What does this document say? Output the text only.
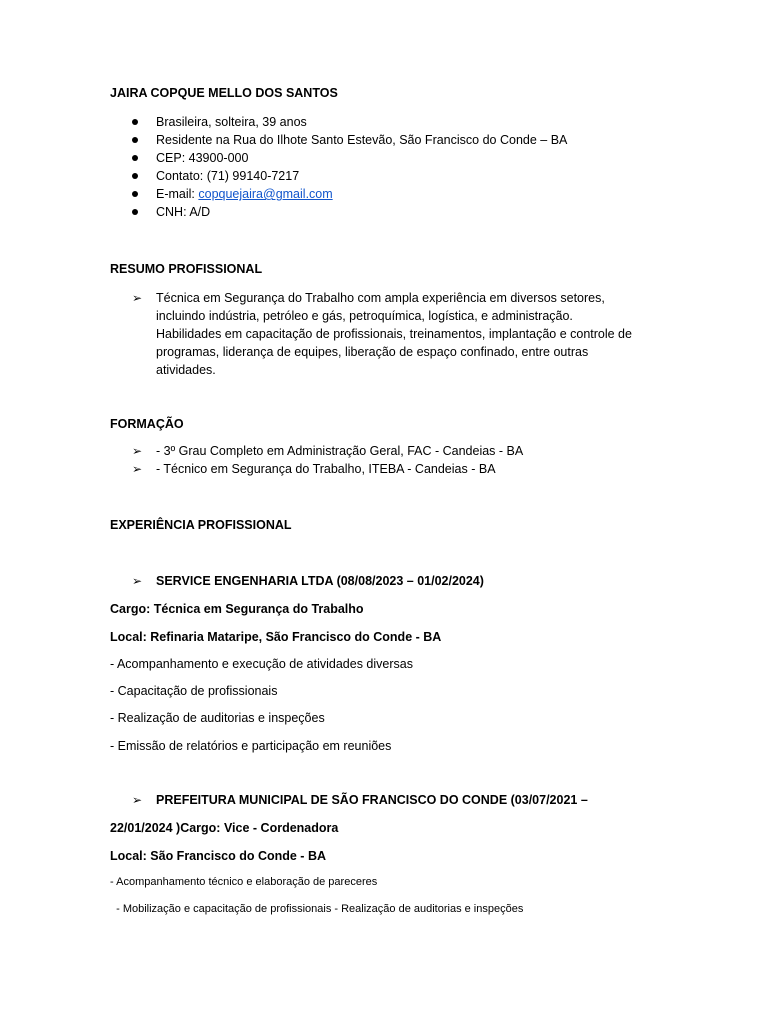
JAIRA COPQUE MELLO DOS SANTOS
Brasileira, solteira, 39 anos
Residente na Rua do Ilhote Santo Estevão, São Francisco do Conde – BA
CEP: 43900-000
Contato: (71) 99140-7217
E-mail: copquejaira@gmail.com
CNH: A/D
RESUMO PROFISSIONAL
➢ Técnica em Segurança do Trabalho com ampla experiência em diversos setores,
incluindo indústria, petróleo e gás, petroquímica, logística, e administração.
Habilidades em capacitação de profissionais, treinamentos, implantação e controle de
programas, liderança de equipes, liberação de espaço confinado, entre outras
atividades.
FORMAÇÃO
➢ - 3º Grau Completo em Administração Geral, FAC - Candeias - BA
➢ - Técnico em Segurança do Trabalho, ITEBA - Candeias - BA
EXPERIÊNCIA PROFISSIONAL
➢ SERVICE ENGENHARIA LTDA (08/08/2023 – 01/02/2024)
Cargo: Técnica em Segurança do Trabalho
Local: Refinaria Mataripe, São Francisco do Conde - BA
- Acompanhamento e execução de atividades diversas
- Capacitação de profissionais
- Realização de auditorias e inspeções
- Emissão de relatórios e participação em reuniões
➢ PREFEITURA MUNICIPAL DE SÃO FRANCISCO DO CONDE (03/07/2021 –
22/01/2024 )Cargo: Vice - Cordenadora
Local: São Francisco do Conde - BA
- Acompanhamento técnico e elaboração de pareceres
- Mobilização e capacitação de profissionais - Realização de auditorias e inspeções
